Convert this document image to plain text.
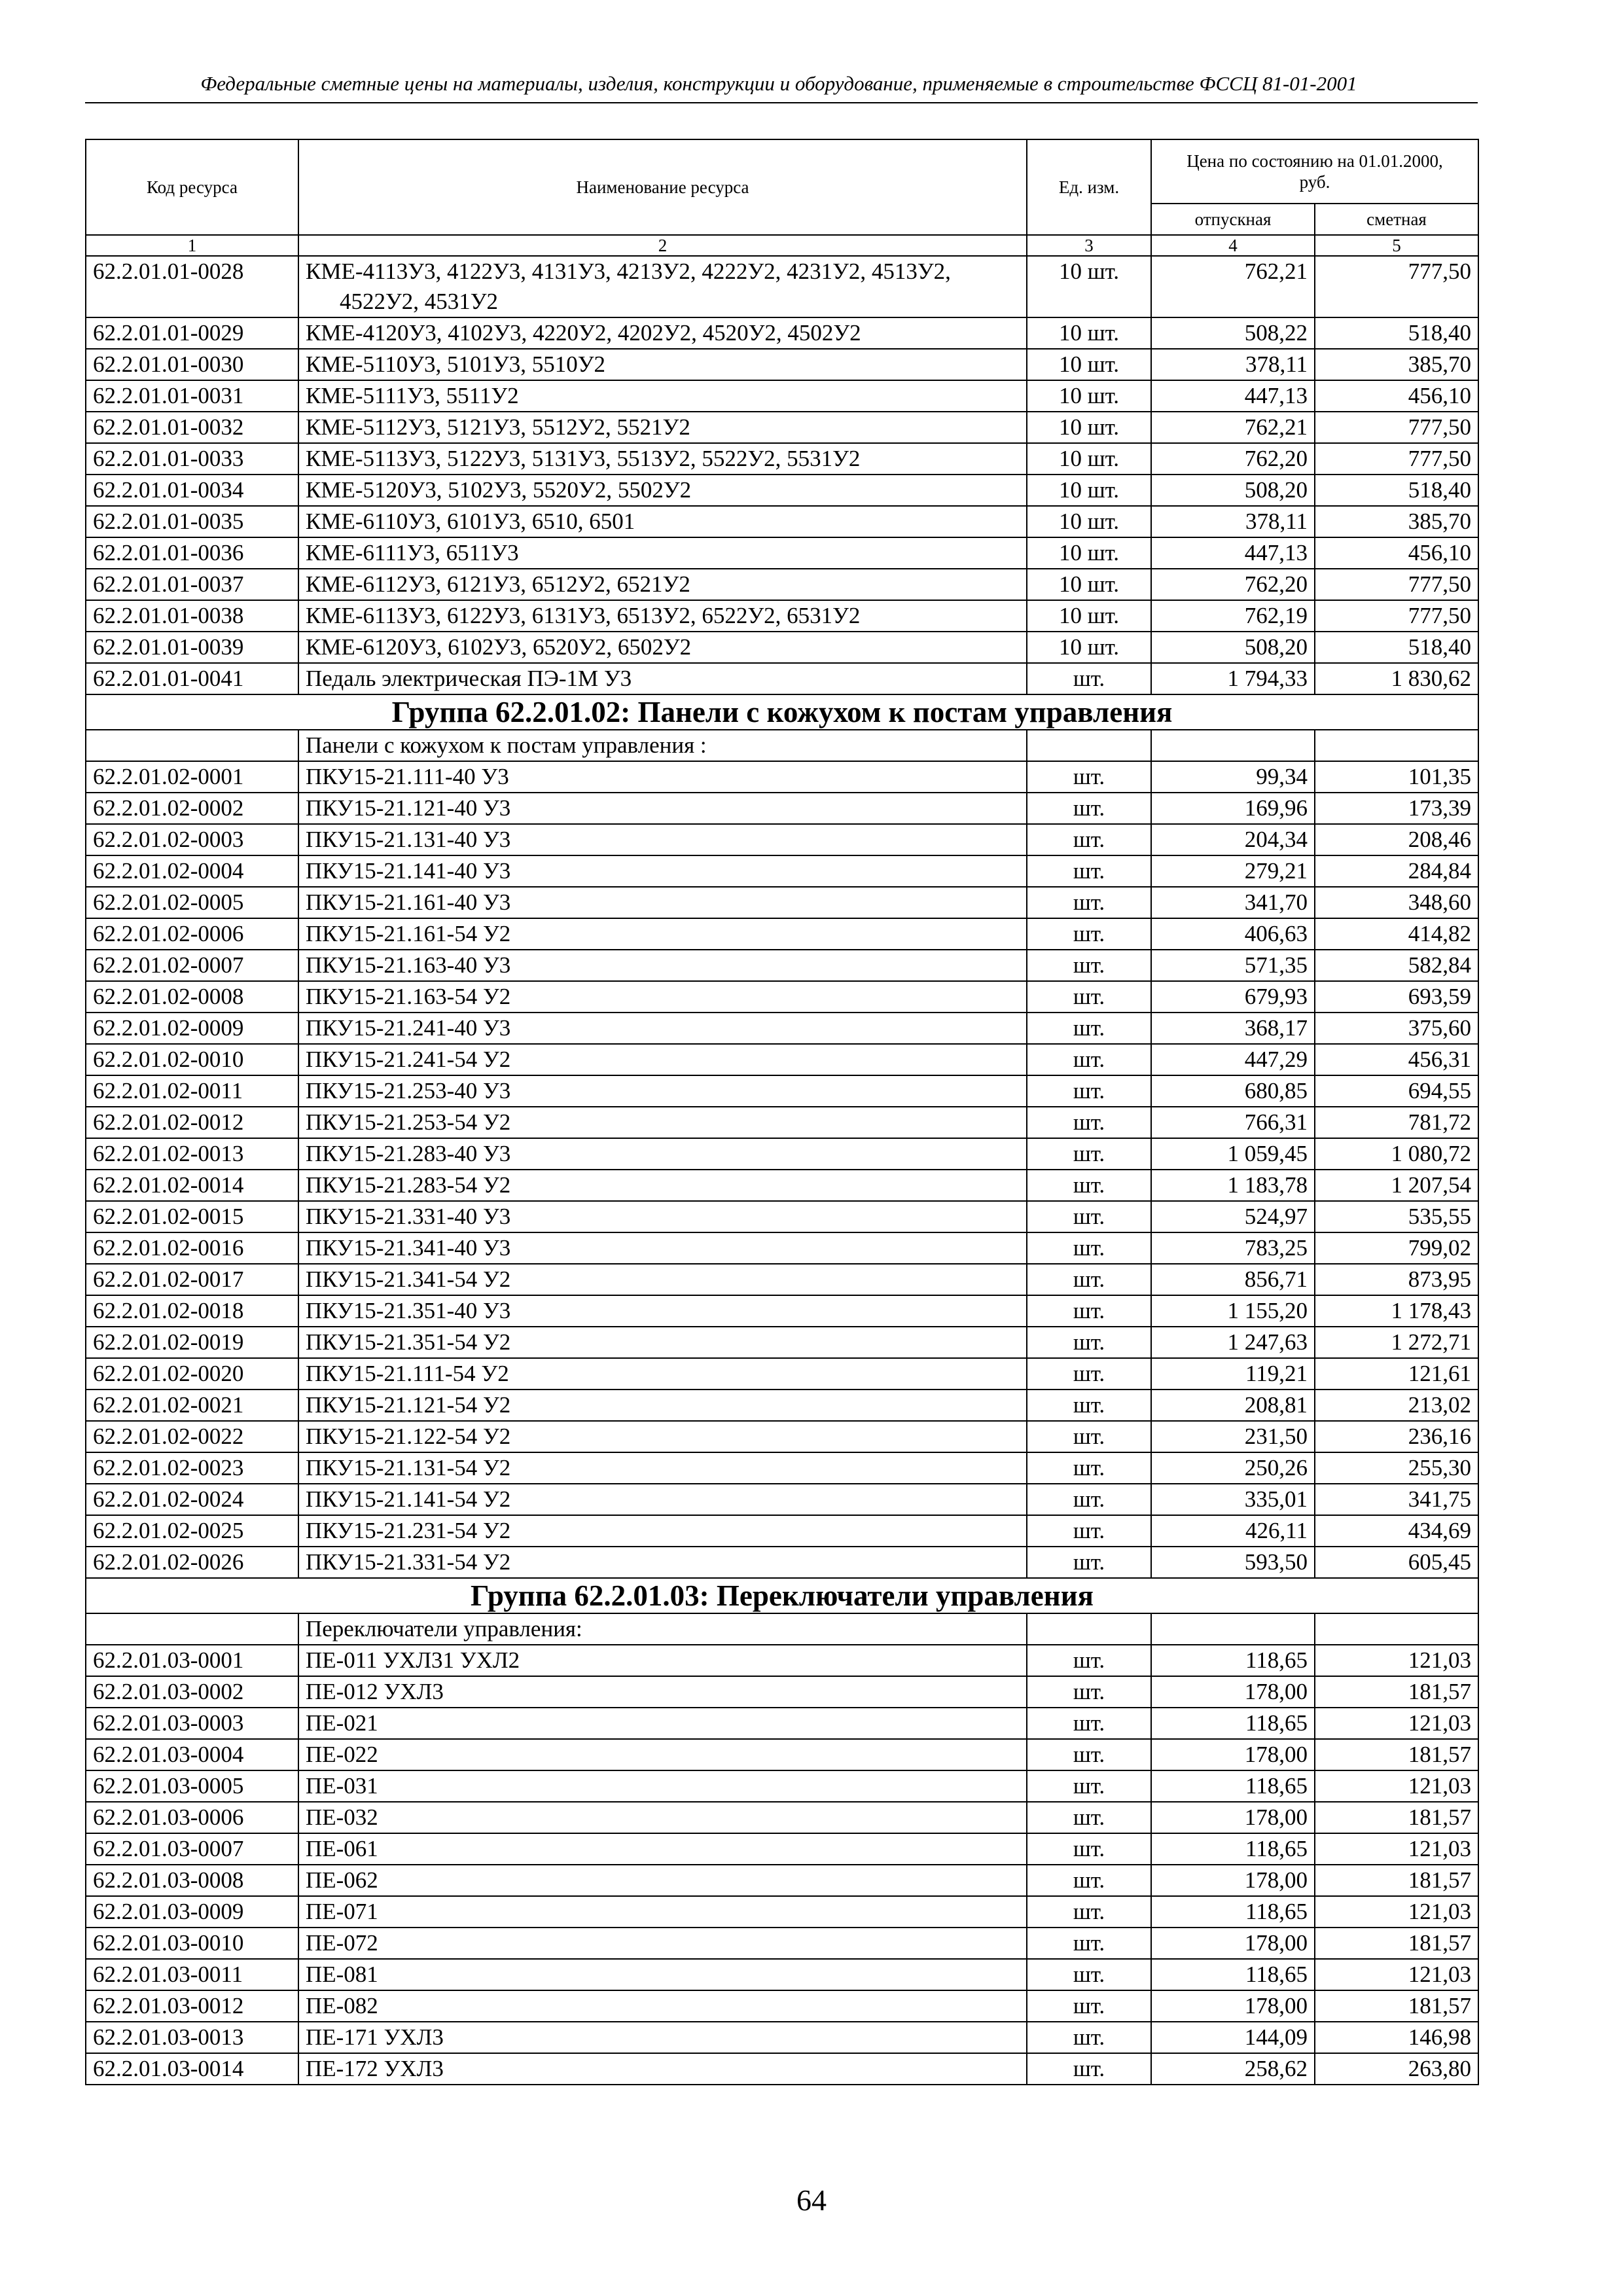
Федеральные сметные цены на материалы, изделия, конструкции и оборудование, применяемые в строительстве ФССЦ 81-01-2001
Код ресурса	Наименование ресурса	Ед. изм.	Цена по состоянию на 01.01.2000, руб.	
			отпускная	сметная
1	2	3	4	5
62.2.01.01-0028	КМЕ-4113У3, 4122У3, 4131У3, 4213У2, 4222У2, 4231У2, 4513У2, 4522У2, 4531У2	10 шт.	762,21	777,50
62.2.01.01-0029	КМЕ-4120У3, 4102У3, 4220У2, 4202У2, 4520У2, 4502У2	10 шт.	508,22	518,40
62.2.01.01-0030	КМЕ-5110У3, 5101У3, 5510У2	10 шт.	378,11	385,70
62.2.01.01-0031	КМЕ-5111У3, 5511У2	10 шт.	447,13	456,10
62.2.01.01-0032	КМЕ-5112У3, 5121У3, 5512У2, 5521У2	10 шт.	762,21	777,50
62.2.01.01-0033	КМЕ-5113У3, 5122У3, 5131У3, 5513У2, 5522У2, 5531У2	10 шт.	762,20	777,50
62.2.01.01-0034	КМЕ-5120У3, 5102У3, 5520У2, 5502У2	10 шт.	508,20	518,40
62.2.01.01-0035	КМЕ-6110У3, 6101У3, 6510, 6501	10 шт.	378,11	385,70
62.2.01.01-0036	КМЕ-6111У3, 6511У3	10 шт.	447,13	456,10
62.2.01.01-0037	КМЕ-6112У3, 6121У3, 6512У2, 6521У2	10 шт.	762,20	777,50
62.2.01.01-0038	КМЕ-6113У3, 6122У3, 6131У3, 6513У2, 6522У2, 6531У2	10 шт.	762,19	777,50
62.2.01.01-0039	КМЕ-6120У3, 6102У3, 6520У2, 6502У2	10 шт.	508,20	518,40
62.2.01.01-0041	Педаль электрическая ПЭ-1М У3	шт.	1 794,33	1 830,62
Группа 62.2.01.02: Панели с кожухом к постам управления				
	Панели с кожухом к постам управления :			
62.2.01.02-0001	ПКУ15-21.111-40 У3	шт.	99,34	101,35
62.2.01.02-0002	ПКУ15-21.121-40 У3	шт.	169,96	173,39
62.2.01.02-0003	ПКУ15-21.131-40 У3	шт.	204,34	208,46
62.2.01.02-0004	ПКУ15-21.141-40 У3	шт.	279,21	284,84
62.2.01.02-0005	ПКУ15-21.161-40 У3	шт.	341,70	348,60
62.2.01.02-0006	ПКУ15-21.161-54 У2	шт.	406,63	414,82
62.2.01.02-0007	ПКУ15-21.163-40 У3	шт.	571,35	582,84
62.2.01.02-0008	ПКУ15-21.163-54 У2	шт.	679,93	693,59
62.2.01.02-0009	ПКУ15-21.241-40 У3	шт.	368,17	375,60
62.2.01.02-0010	ПКУ15-21.241-54 У2	шт.	447,29	456,31
62.2.01.02-0011	ПКУ15-21.253-40 У3	шт.	680,85	694,55
62.2.01.02-0012	ПКУ15-21.253-54 У2	шт.	766,31	781,72
62.2.01.02-0013	ПКУ15-21.283-40 У3	шт.	1 059,45	1 080,72
62.2.01.02-0014	ПКУ15-21.283-54 У2	шт.	1 183,78	1 207,54
62.2.01.02-0015	ПКУ15-21.331-40 У3	шт.	524,97	535,55
62.2.01.02-0016	ПКУ15-21.341-40 У3	шт.	783,25	799,02
62.2.01.02-0017	ПКУ15-21.341-54 У2	шт.	856,71	873,95
62.2.01.02-0018	ПКУ15-21.351-40 У3	шт.	1 155,20	1 178,43
62.2.01.02-0019	ПКУ15-21.351-54 У2	шт.	1 247,63	1 272,71
62.2.01.02-0020	ПКУ15-21.111-54 У2	шт.	119,21	121,61
62.2.01.02-0021	ПКУ15-21.121-54 У2	шт.	208,81	213,02
62.2.01.02-0022	ПКУ15-21.122-54 У2	шт.	231,50	236,16
62.2.01.02-0023	ПКУ15-21.131-54 У2	шт.	250,26	255,30
62.2.01.02-0024	ПКУ15-21.141-54 У2	шт.	335,01	341,75
62.2.01.02-0025	ПКУ15-21.231-54 У2	шт.	426,11	434,69
62.2.01.02-0026	ПКУ15-21.331-54 У2	шт.	593,50	605,45
Группа 62.2.01.03: Переключатели управления				
	Переключатели управления:			
62.2.01.03-0001	ПЕ-011 УХЛ31 УХЛ2	шт.	118,65	121,03
62.2.01.03-0002	ПЕ-012 УХЛ3	шт.	178,00	181,57
62.2.01.03-0003	ПЕ-021	шт.	118,65	121,03
62.2.01.03-0004	ПЕ-022	шт.	178,00	181,57
62.2.01.03-0005	ПЕ-031	шт.	118,65	121,03
62.2.01.03-0006	ПЕ-032	шт.	178,00	181,57
62.2.01.03-0007	ПЕ-061	шт.	118,65	121,03
62.2.01.03-0008	ПЕ-062	шт.	178,00	181,57
62.2.01.03-0009	ПЕ-071	шт.	118,65	121,03
62.2.01.03-0010	ПЕ-072	шт.	178,00	181,57
62.2.01.03-0011	ПЕ-081	шт.	118,65	121,03
62.2.01.03-0012	ПЕ-082	шт.	178,00	181,57
62.2.01.03-0013	ПЕ-171 УХЛ3	шт.	144,09	146,98
62.2.01.03-0014	ПЕ-172 УХЛ3	шт.	258,62	263,80
64
